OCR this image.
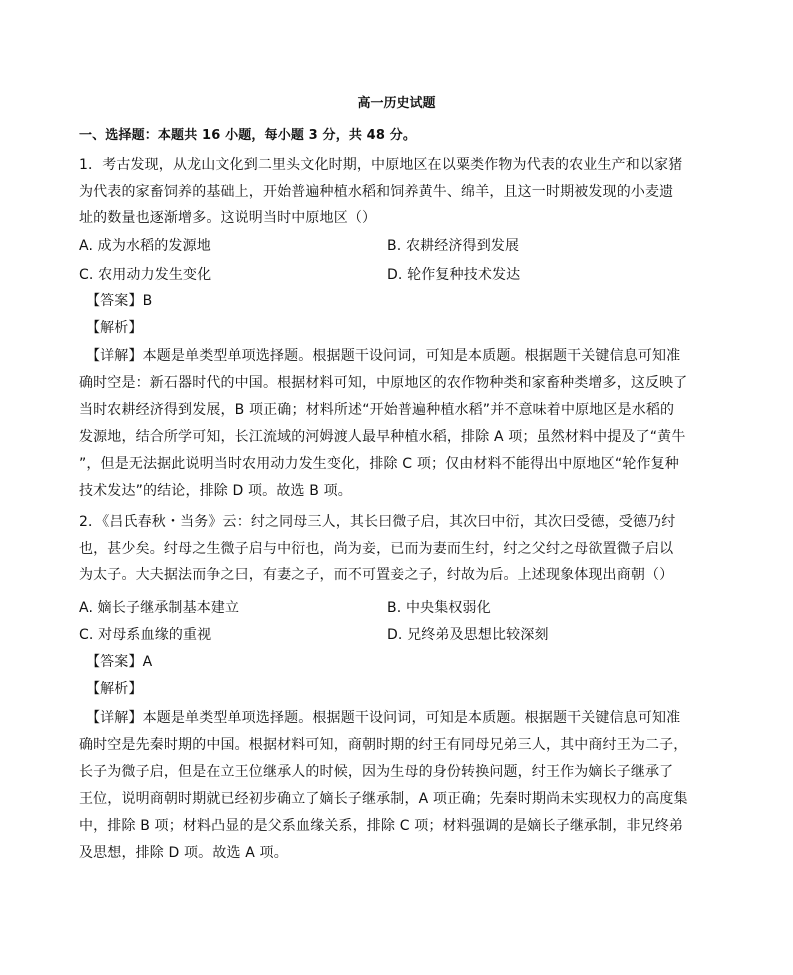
高一历史试题
一、选择题：本题共 16 小题，每小题 3 分，共 48 分。
1．考古发现，从龙山文化到二里头文化时期，中原地区在以粟类作物为代表的农业生产和以家猪
为代表的家畜饲养的基础上，开始普遍种植水稻和饲养黄牛、绵羊，且这一时期被发现的小麦遗
址的数量也逐渐增多。这说明当时中原地区（）
A. 成为水稻的发源地	B. 农耕经济得到发展
C. 农用动力发生变化	D. 轮作复种技术发达
【答案】B
【解析】
【详解】本题是单类型单项选择题。根据题干设问词，可知是本质题。根据题干关键信息可知准
确时空是：新石器时代的中国。根据材料可知，中原地区的农作物种类和家畜种类增多，这反映了
当时农耕经济得到发展，B 项正确；材料所述“开始普遍种植水稻”并不意味着中原地区是水稻的
发源地，结合所学可知，长江流域的河姆渡人最早种植水稻，排除 A 项；虽然材料中提及了“黄牛
”，但是无法据此说明当时农用动力发生变化，排除 C 项；仅由材料不能得出中原地区“轮作复种
技术发达”的结论，排除 D 项。故选 B 项。
2．《吕氏春秋・当务》云：纣之同母三人，其长曰微子启，其次曰中衍，其次曰受德，受德乃纣
也，甚少矣。纣母之生微子启与中衍也，尚为妾，已而为妻而生纣，纣之父纣之母欲置微子启以
为太子。大夫据法而争之曰，有妻之子，而不可置妾之子，纣故为后。上述现象体现出商朝（）
A. 嫡长子继承制基本建立	B. 中央集权弱化
C. 对母系血缘的重视	D. 兄终弟及思想比较深刻
【答案】A
【解析】
【详解】本题是单类型单项选择题。根据题干设问词，可知是本质题。根据题干关键信息可知准
确时空是先秦时期的中国。根据材料可知，商朝时期的纣王有同母兄弟三人，其中商纣王为二子，
长子为微子启，但是在立王位继承人的时候，因为生母的身份转换问题，纣王作为嫡长子继承了
王位，说明商朝时期就已经初步确立了嫡长子继承制，A 项正确；先秦时期尚未实现权力的高度集
中，排除 B 项；材料凸显的是父系血缘关系，排除 C 项；材料强调的是嫡长子继承制，非兄终弟
及思想，排除 D 项。故选 A 项。
